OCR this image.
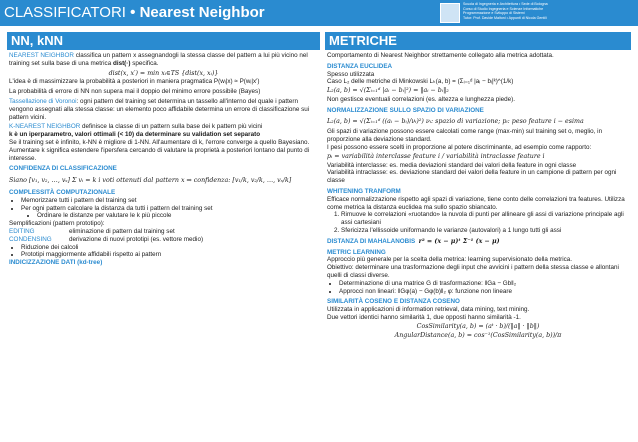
CLASSIFICATORI • Nearest Neighbor	Scuola di Ingegneria e Architettura • Sede di Bologna
Corso di Studio Ingegneria e Scienze Informatiche
Programmazione e Sviluppo di Sistemi
Tutor: Prof. Davide Maltoni • Appunti di Nicola Gentili
NN, kNN

NEAREST NEIGHBOR classifica un pattern x assegnandogli la stessa classe del pattern a lui più vicino nel training set sulla base di una metrica dist(·) specifica.

dist(x, x′) = min xᵢ∈TS {dist(x, xᵢ)}

L'idea è di massimizzare la probabilità a posteriori in maniera pragmatica P(wᵢ|x) ≈ P(wᵢ|x′)

La probabilità di errore di NN non supera mai il doppio del minimo errore possibile (Bayes)

Tassellazione di Voronoi: ogni pattern del training set determina un tassello all'interno del quale i pattern vengono assegnati alla stessa classe: un elemento poco affidabile determina un errore di classificazione sui pattern vicini.

K-NEAREST NEIGHBOR definisce la classe di un pattern sulla base dei k pattern più vicini

k è un iperparametro, valori ottimali (< 10) da determinare su validation set separato

Se il training set è infinito, k-NN è migliore di 1-NN. All'aumentare di k, l'errore converge a quello Bayesiano.

Aumentare k significa estendere l'ipersfera cercando di valutare la proprietà a posteriori lontano dal punto di interesse.

CONFIDENZA DI CLASSIFICAZIONE
Siano [v₁, v₂, …, vₛ] Σ vᵢ = k i voti ottenuti dal pattern x ⇒ confidenza: [v₁/k, v₂/k, …, vₛ/k]
COMPLESSITÀ COMPUTAZIONALE
• Memorizzare tutti i pattern del training set
• Per ogni pattern calcolare la distanza da tutti i pattern del training set
• Ordinare le distanze per valutare le k più piccole
Semplificazioni (pattern prototipo):
EDITING	eliminazione di pattern dal training set
CONDENSING	derivazione di nuovi prototipi (es. vettore medio)
• Riduzione dei calcoli
• Prototipi maggiormente affidabili rispetto ai pattern
INDICIZZAZIONE DATI (kd-tree)
METRICHE

Comportamento di Nearest Neighbor strettamente collegato alla metrica adottata.

DISTANZA EUCLIDEA
Spesso utilizzata
Caso L₂ delle metriche di Minkowski Lₖ(a, b) = (Σᵢ₌₁ᵈ |aᵢ − bᵢ|ᵏ)^(1/k)
L₂(a, b) = √(Σᵢ₌₁ᵈ |aᵢ − bᵢ|²) = ‖aᵢ − bᵢ‖₂
Non gestisce eventuali correlazioni (es. altezza e lunghezza piede).
NORMALIZZAZIONE SULLO SPAZIO DI VARIAZIONE
L₂(a, b) = √(Σᵢ₌₁ᵈ ((aᵢ − bᵢ)/νᵢ)²) νᵢ: spazio di variazione; pᵢ: peso feature i − esima
Gli spazi di variazione possono essere calcolati come range (max-min) sul training set o, meglio, in proporzione alla deviazione standard.
I pesi possono essere scelti in proporzione al potere discriminante, ad esempio come rapporto:
pᵢ = variabilità interclasse feature i / variabilità intraclasse feature i
Variabilità interclasse: es. media deviazioni standard dei valori della feature in ogni classe
Variabilità intraclasse: es. deviazione standard dei valori della feature in un campione di pattern per ogni classe
WHITENING TRANFORM
Efficace normalizzazione rispetto agli spazi di variazione, tiene conto delle correlazioni tra features. Utilizza come metrica la distanza euclidea ma sullo spazio sbiancato.
1. Rimuove le correlazioni «ruotando» la nuvola di punti per allineare gli assi di variazione principale agli assi cartesiani
2. Sfericizza l'ellissoide uniformando le varianze (autovalori) a 1 lungo tutti gli assi
DISTANZA DI MAHALANOBIS r² = (x − μ)ᵗ Σ⁻¹ (x − μ)
METRIC LEARNING
Approccio più generale per la scelta della metrica: learning supervisionato della metrica.
Obiettivo: determinare una trasformazione degli input che avvicini i pattern della stessa classe e allontani quelli di classi diverse.
• Determinazione di una matrice G di trasformazione: ‖Ga − Gb‖₂
• Approcci non lineari: ‖Gφ(a) − Gφ(b)‖₂ φ: funzione non lineare
SIMILARITÀ COSENO E DISTANZA COSENO
Utilizzata in applicazioni di information retrieval, data mining, text mining.
Due vettori identici hanno similarità 1, due opposti hanno similarità -1.
CosSimilarity(a, b) = (aᵗ · b)/(‖a‖ · ‖b‖)
AngularDistance(a, b) = cos⁻¹(CosSimilarity(a, b))/π
